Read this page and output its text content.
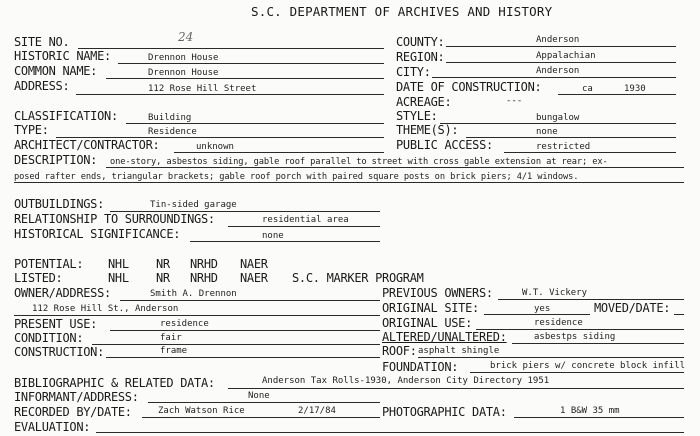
S.C. DEPARTMENT OF ARCHIVES AND HISTORY
SITE NO.	24
HISTORIC NAME:	Drennon House
COMMON NAME:	Drennon House
ADDRESS:	112 Rose Hill Street
CLASSIFICATION:	Building
TYPE:	Residence
ARCHITECT/CONTRACTOR:	unknown
COUNTY:	Anderson
REGION:	Appalachian
CITY:	Anderson
DATE OF CONSTRUCTION:	ca	1930
ACREAGE:	---
STYLE:	bungalow
THEME(S):	none
PUBLIC ACCESS:	restricted
DESCRIPTION: one-story, asbestos siding, gable roof parallel to street with cross gable extension at rear; ex-
posed rafter ends, triangular brackets; gable roof porch with paired square posts on brick piers; 4/1 windows.
OUTBUILDINGS:	Tin-sided garage
RELATIONSHIP TO SURROUNDINGS:	residential area
HISTORICAL SIGNIFICANCE:	none
POTENTIAL: NHL NR NRHD NAER
LISTED:	NHL NR NRHD NAER S.C. MARKER PROGRAM
OWNER/ADDRESS:	Smith A. Drennon
112 Rose Hill St., Anderson
PRESENT USE:	residence
CONDITION:	fair
CONSTRUCTION:	frame
PREVIOUS OWNERS:	W.T. Vickery
ORIGINAL SITE:	yes	MOVED/DATE:
ORIGINAL USE:	residence
ALTERED/UNALTERED:	asbestps siding
ROOF: asphalt shingle
FOUNDATION:	brick piers w/ concrete block infill
BIBLIOGRAPHIC & RELATED DATA:	Anderson Tax Rolls-1930, Anderson City Directory 1951
INFORMANT/ADDRESS:	None
RECORDED BY/DATE:	Zach Watson Rice	2/17/84	PHOTOGRAPHIC DATA:	1 B&W 35 mm
EVALUATION:
